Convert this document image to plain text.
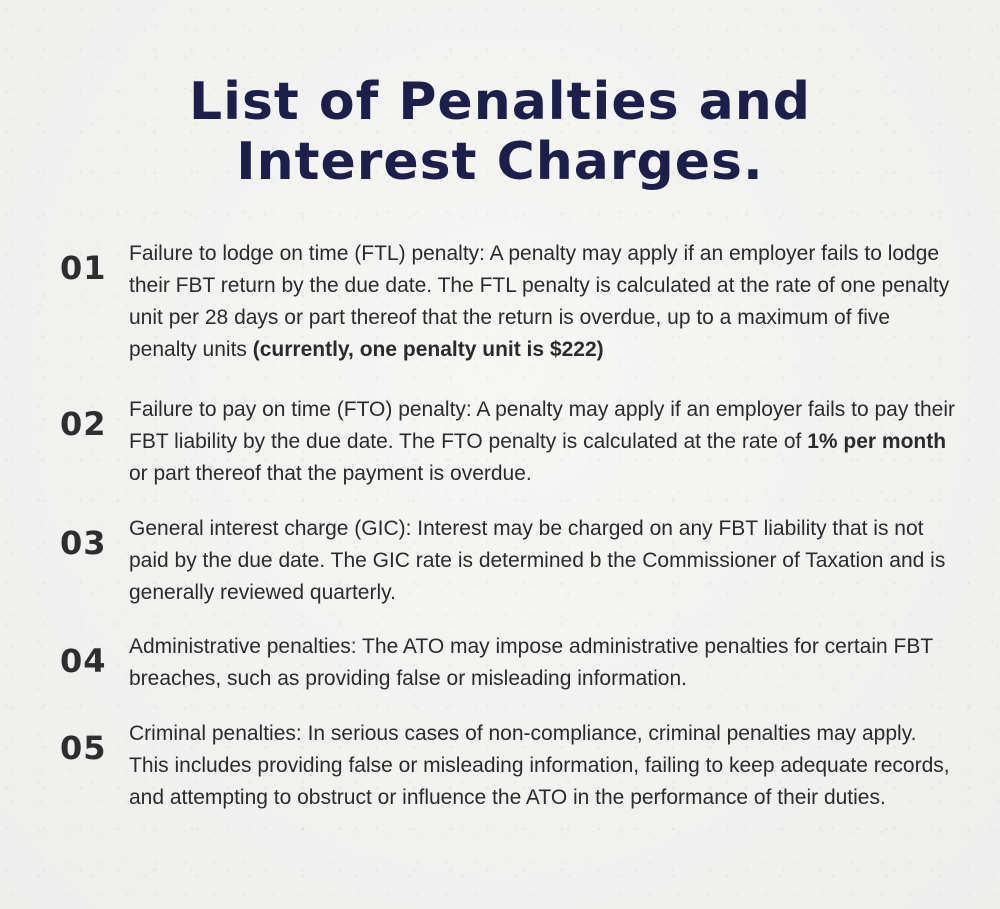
List of Penalties and
Interest Charges.
01 Failure to lodge on time (FTL) penalty: A penalty may apply if an employer fails to lodge their FBT return by the due date. The FTL penalty is calculated at the rate of one penalty unit per 28 days or part thereof that the return is overdue, up to a maximum of five penalty units (currently, one penalty unit is $222)

02 Failure to pay on time (FTO) penalty: A penalty may apply if an employer fails to pay their FBT liability by the due date. The FTO penalty is calculated at the rate of 1% per month or part thereof that the payment is overdue.

03 General interest charge (GIC): Interest may be charged on any FBT liability that is not paid by the due date. The GIC rate is determined b the Commissioner of Taxation and is generally reviewed quarterly.

04 Administrative penalties: The ATO may impose administrative penalties for certain FBT breaches, such as providing false or misleading information.

05 Criminal penalties: In serious cases of non-compliance, criminal penalties may apply. This includes providing false or misleading information, failing to keep adequate records, and attempting to obstruct or influence the ATO in the performance of their duties.
